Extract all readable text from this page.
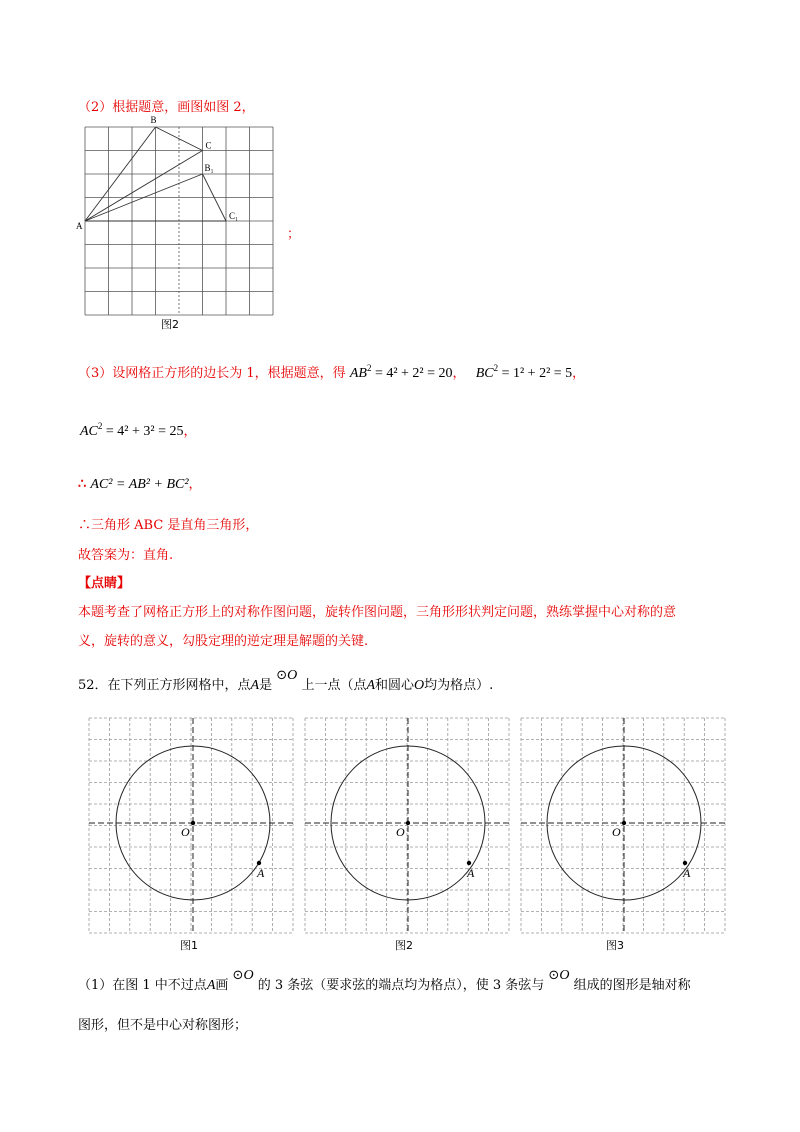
（2）根据题意，画图如图 2，
A
B
C
B₁
C₁
图2
；
（3）设网格正方形的边长为 1，根据题意，得 $AB^2 = 4^2 + 2^2 = 20$， $BC^2 = 1^2 + 2^2 = 5$，
$AC^2 = 4^2 + 3^2 = 25$，
∴ AC² = AB² + BC²，
∴三角形 ABC 是直角三角形，
故答案为：直角.
【点睛】
本题考查了网格正方形上的对称作图问题，旋转作图问题，三角形形状判定问题，熟练掌握中心对称的意
义，旋转的意义，勾股定理的逆定理是解题的关键.
52．在下列正方形网格中，点A是 ⊙O 上一点（点A和圆心O均为格点）.
O
A
图1
O
A
图2
O
A
图3
（1）在图 1 中不过点A画 ⊙O 的 3 条弦（要求弦的端点均为格点），使 3 条弦与 ⊙O 组成的图形是轴对称
图形，但不是中心对称图形；
